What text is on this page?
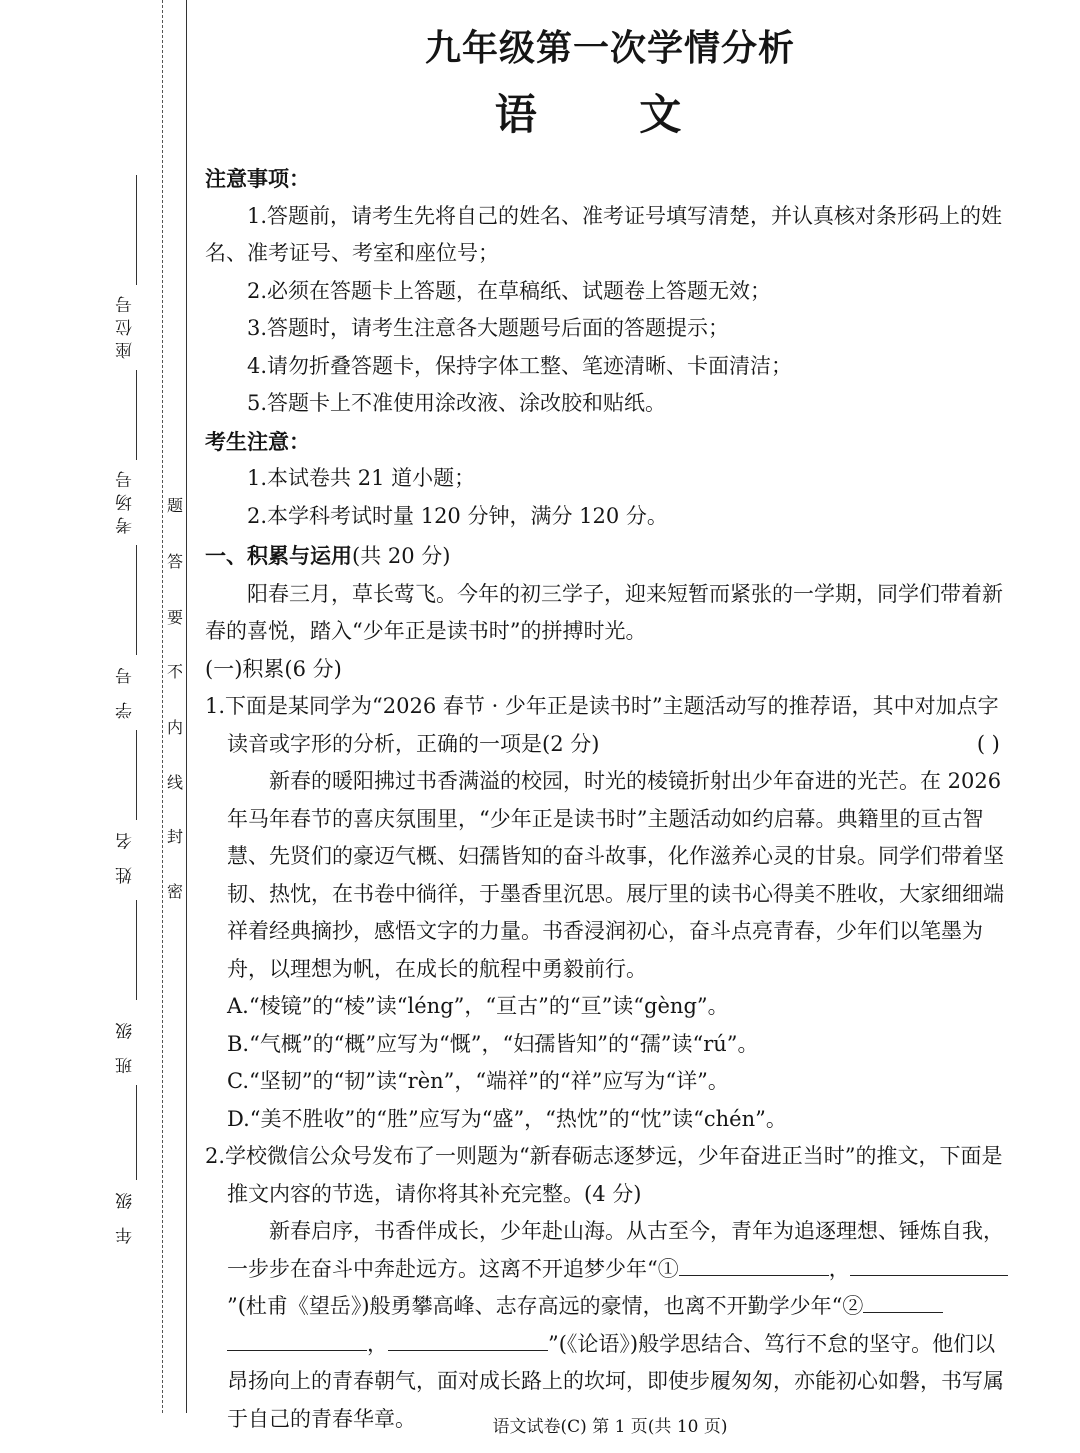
座位号
考场号
学 号
姓 名
班 级
年 级
题
答
要
不
内
线
封
密
九年级第一次学情分析
语 文

注意事项：

1.答题前，请考生先将自己的姓名、准考证号填写清楚，并认真核对条形码上的姓名、准考证号、考室和座位号；

2.必须在答题卡上答题，在草稿纸、试题卷上答题无效；

3.答题时，请考生注意各大题题号后面的答题提示；

4.请勿折叠答题卡，保持字体工整、笔迹清晰、卡面清洁；

5.答题卡上不准使用涂改液、涂改胶和贴纸。

考生注意：

1.本试卷共 21 道小题；

2.本学科考试时量 120 分钟，满分 120 分。

一、积累与运用(共 20 分)

阳春三月，草长莺飞。今年的初三学子，迎来短暂而紧张的一学期，同学们带着新春的喜悦，踏入“少年正是读书时”的拼搏时光。

(一)积累(6 分)

1.下面是某同学为“2026 春节 · 少年正是读书时”主题活动写的推荐语，其中对加点字读音或字形的分析，正确的一项是(2 分)	( )

新春的暖阳拂过书香满溢的校园，时光的棱镜折射出少年奋进的光芒。在 2026 年马年春节的喜庆氛围里，“少年正是读书时”主题活动如约启幕。典籍里的亘古智慧、先贤们的豪迈气概、妇孺皆知的奋斗故事，化作滋养心灵的甘泉。同学们带着坚韧、热忱，在书卷中徜徉，于墨香里沉思。展厅里的读书心得美不胜收，大家细细端祥着经典摘抄，感悟文字的力量。书香浸润初心，奋斗点亮青春，少年们以笔墨为舟，以理想为帆，在成长的航程中勇毅前行。

A.“棱镜”的“棱”读“léng”，“亘古”的“亘”读“gèng”。

B.“气概”的“概”应写为“慨”，“妇孺皆知”的“孺”读“rú”。

C.“坚韧”的“韧”读“rèn”，“端祥”的“祥”应写为“详”。

D.“美不胜收”的“胜”应写为“盛”，“热忱”的“忱”读“chén”。

2.学校微信公众号发布了一则题为“新春砺志逐梦远，少年奋进正当时”的推文，下面是推文内容的节选，请你将其补充完整。(4 分)

新春启序，书香伴成长，少年赴山海。从古至今，青年为追逐理想、锤炼自我，一步步在奋斗中奔赴远方。这离不开追梦少年“①	，”(杜甫《望岳》)般勇攀高峰、志存高远的豪情，也离不开勤学少年“②，	”(《论语》)般学思结合、笃行不怠的坚守。他们以昂扬向上的青春朝气，面对成长路上的坎坷，即使步履匆匆，亦能初心如磐，书写属于自己的青春华章。	语文试卷(C) 第 1 页(共 10 页)
